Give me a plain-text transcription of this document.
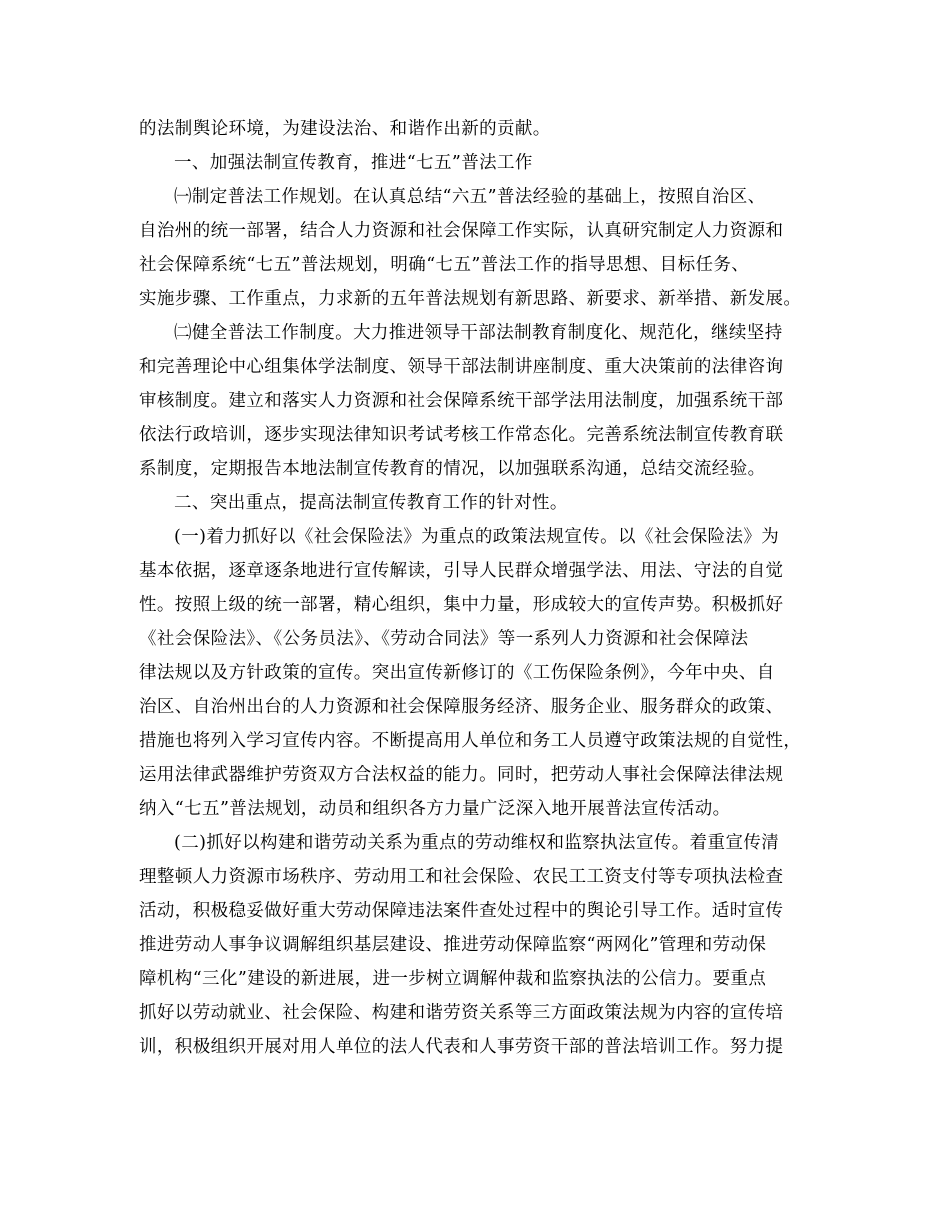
的法制舆论环境，为建设法治、和谐作出新的贡献。
一、加强法制宣传教育，推进“七五”普法工作
㈠制定普法工作规划。在认真总结“六五”普法经验的基础上，按照自治区、
自治州的统一部署，结合人力资源和社会保障工作实际，认真研究制定人力资源和
社会保障系统“七五”普法规划，明确“七五”普法工作的指导思想、目标任务、
实施步骤、工作重点，力求新的五年普法规划有新思路、新要求、新举措、新发展。
㈡健全普法工作制度。大力推进领导干部法制教育制度化、规范化，继续坚持
和完善理论中心组集体学法制度、领导干部法制讲座制度、重大决策前的法律咨询
审核制度。建立和落实人力资源和社会保障系统干部学法用法制度，加强系统干部
依法行政培训，逐步实现法律知识考试考核工作常态化。完善系统法制宣传教育联
系制度，定期报告本地法制宣传教育的情况，以加强联系沟通，总结交流经验。
二、突出重点，提高法制宣传教育工作的针对性。
(一)着力抓好以《社会保险法》为重点的政策法规宣传。以《社会保险法》为
基本依据，逐章逐条地进行宣传解读，引导人民群众增强学法、用法、守法的自觉
性。按照上级的统一部署，精心组织，集中力量，形成较大的宣传声势。积极抓好
《社会保险法》、《公务员法》、《劳动合同法》等一系列人力资源和社会保障法
律法规以及方针政策的宣传。突出宣传新修订的《工伤保险条例》，今年中央、自
治区、自治州出台的人力资源和社会保障服务经济、服务企业、服务群众的政策、
措施也将列入学习宣传内容。不断提高用人单位和务工人员遵守政策法规的自觉性，
运用法律武器维护劳资双方合法权益的能力。同时，把劳动人事社会保障法律法规
纳入“七五”普法规划，动员和组织各方力量广泛深入地开展普法宣传活动。
(二)抓好以构建和谐劳动关系为重点的劳动维权和监察执法宣传。着重宣传清
理整顿人力资源市场秩序、劳动用工和社会保险、农民工工资支付等专项执法检查
活动，积极稳妥做好重大劳动保障违法案件查处过程中的舆论引导工作。适时宣传
推进劳动人事争议调解组织基层建设、推进劳动保障监察“两网化”管理和劳动保
障机构“三化”建设的新进展，进一步树立调解仲裁和监察执法的公信力。要重点
抓好以劳动就业、社会保险、构建和谐劳资关系等三方面政策法规为内容的宣传培
训，积极组织开展对用人单位的法人代表和人事劳资干部的普法培训工作。努力提
